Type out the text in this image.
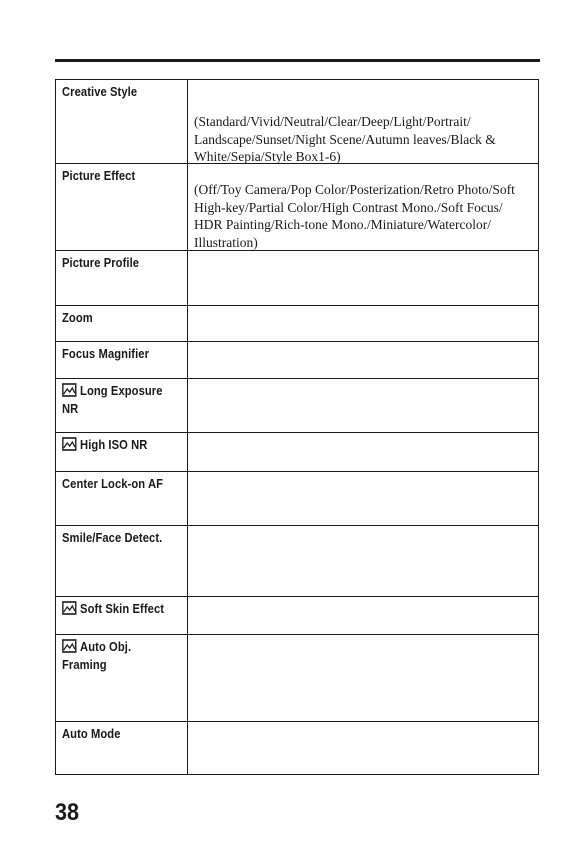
Creative Style
(Standard/Vivid/Neutral/Clear/Deep/Light/Portrait/ Landscape/Sunset/Night Scene/Autumn leaves/Black & White/Sepia/Style Box1-6)
Picture Effect
(Off/Toy Camera/Pop Color/Posterization/Retro Photo/Soft High-key/Partial Color/High Contrast Mono./Soft Focus/ HDR Painting/Rich-tone Mono./Miniature/Watercolor/ Illustration)
Picture Profile
Zoom
Focus Magnifier
Long Exposure
NR
High ISO NR
Center Lock-on AF
Smile/Face Detect.
Soft Skin Effect
Auto Obj.
Framing
Auto Mode
38
